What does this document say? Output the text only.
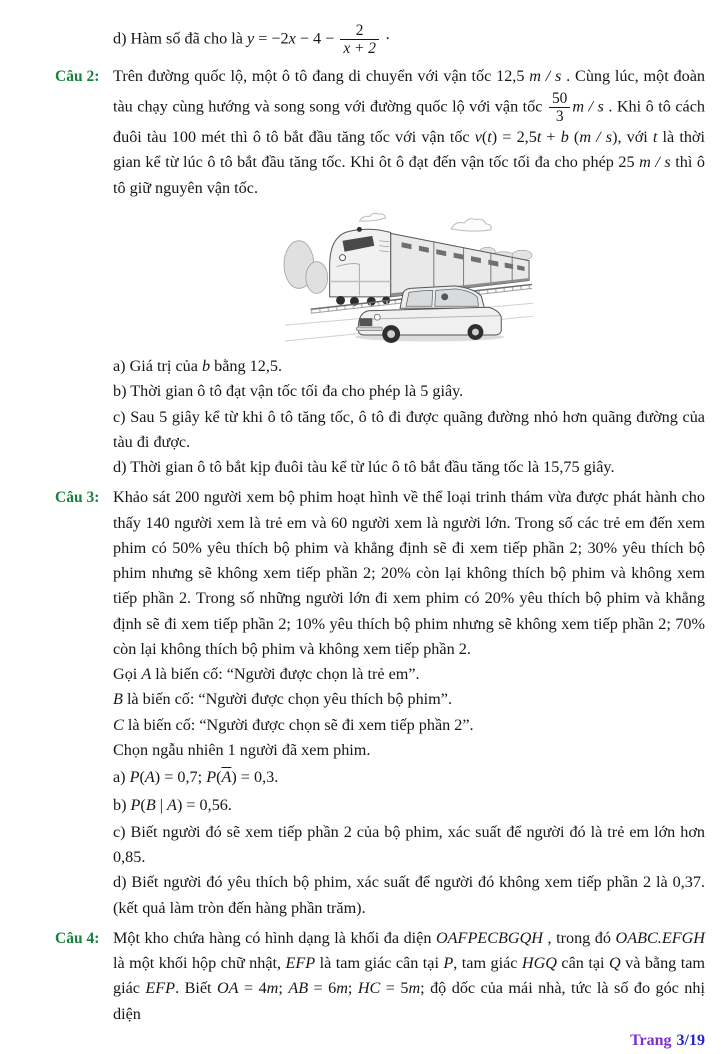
d) Hàm số đã cho là $y = -2x - 4 - \frac{2}{x + 2}$ ·

Câu 2: Trên đường quốc lộ, một ô tô đang di chuyển với vận tốc 12,5 m / s . Cùng lúc, một đoàn tàu chạy cùng hướng và song song với đường quốc lộ với vận tốc $\frac{50}{3}$ m / s . Khi ô tô cách đuôi tàu 100 mét thì ô tô bắt đầu tăng tốc với vận tốc v(t) = 2,5t + b (m / s), với t là thời gian kể từ lúc ô tô bắt đầu tăng tốc. Khi ôt ô đạt đến vận tốc tối đa cho phép 25 m / s thì ô tô giữ nguyên vận tốc.

a) Giá trị của b bằng 12,5.

b) Thời gian ô tô đạt vận tốc tối đa cho phép là 5 giây.

c) Sau 5 giây kể từ khi ô tô tăng tốc, ô tô đi được quãng đường nhỏ hơn quãng đường của tàu đi được.

d) Thời gian ô tô bắt kịp đuôi tàu kể từ lúc ô tô bắt đầu tăng tốc là 15,75 giây.

Câu 3: Khảo sát 200 người xem bộ phim hoạt hình về thể loại trinh thám vừa được phát hành cho thấy 140 người xem là trẻ em và 60 người xem là người lớn. Trong số các trẻ em đến xem phim có 50% yêu thích bộ phim và khẳng định sẽ đi xem tiếp phần 2; 30% yêu thích bộ phim nhưng sẽ không xem tiếp phần 2; 20% còn lại không thích bộ phim và không xem tiếp phần 2. Trong số những người lớn đi xem phim có 20% yêu thích bộ phim và khẳng định sẽ đi xem tiếp phần 2; 10% yêu thích bộ phim nhưng sẽ không xem tiếp phần 2; 70% còn lại không thích bộ phim và không xem tiếp phần 2.

Gọi A là biến cố: “Người được chọn là trẻ em”.

B là biến cố: “Người được chọn yêu thích bộ phim”.

C là biến cố: “Người được chọn sẽ đi xem tiếp phần 2”.

Chọn ngẫu nhiên 1 người đã xem phim.

a) P(A) = 0,7; $P(\overline{A}) = 0,3$.

b) P(B | A) = 0,56.

c) Biết người đó sẽ xem tiếp phần 2 của bộ phim, xác suất để người đó là trẻ em lớn hơn 0,85.

d) Biết người đó yêu thích bộ phim, xác suất để người đó không xem tiếp phần 2 là 0,37. (kết quả làm tròn đến hàng phần trăm).

Câu 4: Một kho chứa hàng có hình dạng là khối đa diện OAFPECBGQH , trong đó OABC.EFGH là một khối hộp chữ nhật, EFP là tam giác cân tại P, tam giác HGQ cân tại Q và bằng tam giác EFP. Biết OA = 4m; AB = 6m; HC = 5m; độ dốc của mái nhà, tức là số đo góc nhị diện

Trang 3/19
